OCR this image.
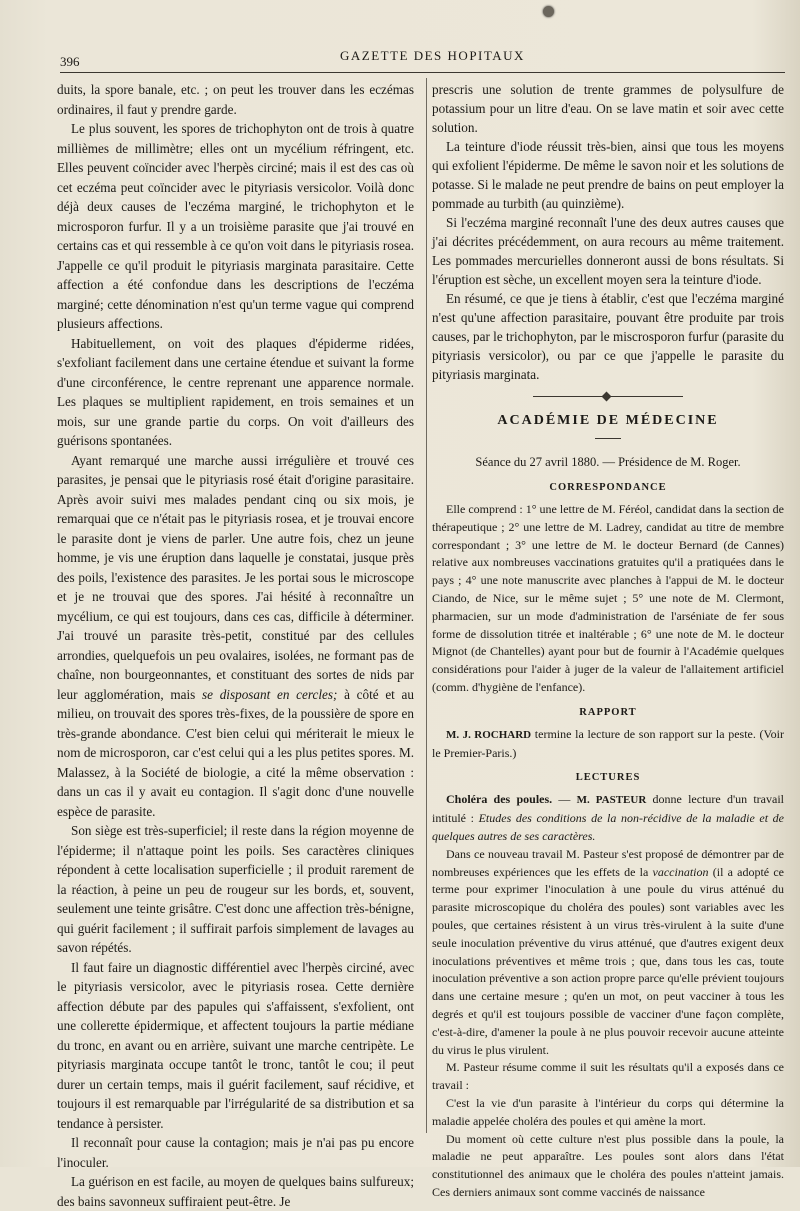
396	GAZETTE DES HOPITAUX

duits, la spore banale, etc. ; on peut les trouver dans les eczémas ordinaires, il faut y prendre garde.

Le plus souvent, les spores de trichophyton ont de trois à quatre millièmes de millimètre; elles ont un mycélium réfringent, etc. Elles peuvent coïncider avec l'herpès circiné; mais il est des cas où cet eczéma peut coïncider avec le pityriasis versicolor. Voilà donc déjà deux causes de l'eczéma marginé, le trichophyton et le microsporon furfur. Il y a un troisième parasite que j'ai trouvé en certains cas et qui ressemble à ce qu'on voit dans le pityriasis rosea. J'appelle ce qu'il produit le pityriasis marginata parasitaire. Cette affection a été confondue dans les descriptions de l'eczéma marginé; cette dénomination n'est qu'un terme vague qui comprend plusieurs affections.

Habituellement, on voit des plaques d'épiderme ridées, s'exfoliant facilement dans une certaine étendue et suivant la forme d'une circonférence, le centre reprenant une apparence normale. Les plaques se multiplient rapidement, en trois semaines et un mois, sur une grande partie du corps. On voit d'ailleurs des guérisons spontanées.

Ayant remarqué une marche aussi irrégulière et trouvé ces parasites, je pensai que le pityriasis rosé était d'origine parasitaire. Après avoir suivi mes malades pendant cinq ou six mois, je remarquai que ce n'était pas le pityriasis rosea, et je trouvai encore le parasite dont je viens de parler. Une autre fois, chez un jeune homme, je vis une éruption dans laquelle je constatai, jusque près des poils, l'existence des parasites. Je les portai sous le microscope et je ne trouvai que des spores. J'ai hésité à reconnaître un mycélium, ce qui est toujours, dans ces cas, difficile à déterminer. J'ai trouvé un parasite très-petit, constitué par des cellules arrondies, quelquefois un peu ovalaires, isolées, ne formant pas de chaîne, non bourgeonnantes, et constituant des sortes de nids par leur agglomération, mais se disposant en cercles; à côté et au milieu, on trouvait des spores très-fixes, de la poussière de spore en très-grande abondance. C'est bien celui qui mériterait le mieux le nom de microsporon, car c'est celui qui a les plus petites spores. M. Malassez, à la Société de biologie, a cité la même observation : dans un cas il y avait eu contagion. Il s'agit donc d'une nouvelle espèce de parasite.

Son siège est très-superficiel; il reste dans la région moyenne de l'épiderme; il n'attaque point les poils. Ses caractères cliniques répondent à cette localisation superficielle ; il produit rarement de la réaction, à peine un peu de rougeur sur les bords, et, souvent, seulement une teinte grisâtre. C'est donc une affection très-bénigne, qui guérit facilement ; il suffirait parfois simplement de lavages au savon répétés.

Il faut faire un diagnostic différentiel avec l'herpès circiné, avec le pityriasis versicolor, avec le pityriasis rosea. Cette dernière affection débute par des papules qui s'affaissent, s'exfolient, ont une collerette épidermique, et affectent toujours la partie médiane du tronc, en avant ou en arrière, suivant une marche centripète. Le pityriasis marginata occupe tantôt le tronc, tantôt le cou; il peut durer un certain temps, mais il guérit facilement, sauf récidive, et toujours il est remarquable par l'irrégularité de sa distribution et sa tendance à persister.

Il reconnaît pour cause la contagion; mais je n'ai pas pu encore l'inoculer.

La guérison en est facile, au moyen de quelques bains sulfureux; des bains savonneux suffiraient peut-être. Je

prescris une solution de trente grammes de polysulfure de potassium pour un litre d'eau. On se lave matin et soir avec cette solution.

La teinture d'iode réussit très-bien, ainsi que tous les moyens qui exfolient l'épiderme. De même le savon noir et les solutions de potasse. Si le malade ne peut prendre de bains on peut employer la pommade au turbith (au quinzième).

Si l'eczéma marginé reconnaît l'une des deux autres causes que j'ai décrites précédemment, on aura recours au même traitement. Les pommades mercurielles donneront aussi de bons résultats. Si l'éruption est sèche, un excellent moyen sera la teinture d'iode.

En résumé, ce que je tiens à établir, c'est que l'eczéma marginé n'est qu'une affection parasitaire, pouvant être produite par trois causes, par le trichophyton, par le miscrosporon furfur (parasite du pityriasis versicolor), ou par ce que j'appelle le parasite du pityriasis marginata.

ACADÉMIE DE MÉDECINE
Séance du 27 avril 1880. — Présidence de M. Roger.
CORRESPONDANCE

Elle comprend : 1° une lettre de M. Féréol, candidat dans la section de thérapeutique ; 2° une lettre de M. Ladrey, candidat au titre de membre correspondant ; 3° une lettre de M. le docteur Bernard (de Cannes) relative aux nombreuses vaccinations gratuites qu'il a pratiquées dans le pays ; 4° une note manuscrite avec planches à l'appui de M. le docteur Ciando, de Nice, sur le même sujet ; 5° une note de M. Clermont, pharmacien, sur un mode d'administration de l'arséniate de fer sous forme de dissolution titrée et inaltérable ; 6° une note de M. le docteur Mignot (de Chantelles) ayant pour but de fournir à l'Académie quelques considérations pour l'aider à juger de la valeur de l'allaitement artificiel (comm. d'hygiène de l'enfance).

RAPPORT

M. J. ROCHARD termine la lecture de son rapport sur la peste. (Voir le Premier-Paris.)

LECTURES

Choléra des poules. — M. PASTEUR donne lecture d'un travail intitulé : Etudes des conditions de la non-récidive de la maladie et de quelques autres de ses caractères.

Dans ce nouveau travail M. Pasteur s'est proposé de démontrer par de nombreuses expériences que les effets de la vaccination (il a adopté ce terme pour exprimer l'inoculation à une poule du virus atténué du parasite microscopique du choléra des poules) sont variables avec les poules, que certaines résistent à un virus très-virulent à la suite d'une seule inoculation préventive du virus atténué, que d'autres exigent deux inoculations préventives et même trois ; que, dans tous les cas, toute inoculation préventive a son action propre parce qu'elle prévient toujours dans une certaine mesure ; qu'en un mot, on peut vacciner à tous les degrés et qu'il est toujours possible de vacciner d'une façon complète, c'est-à-dire, d'amener la poule à ne plus pouvoir recevoir aucune atteinte du virus le plus virulent.

M. Pasteur résume comme il suit les résultats qu'il a exposés dans ce travail :

C'est la vie d'un parasite à l'intérieur du corps qui détermine la maladie appelée choléra des poules et qui amène la mort.

Du moment où cette culture n'est plus possible dans la poule, la maladie ne peut apparaître. Les poules sont alors dans l'état constitutionnel des animaux que le choléra des poules n'atteint jamais. Ces derniers animaux sont comme vaccinés de naissance
